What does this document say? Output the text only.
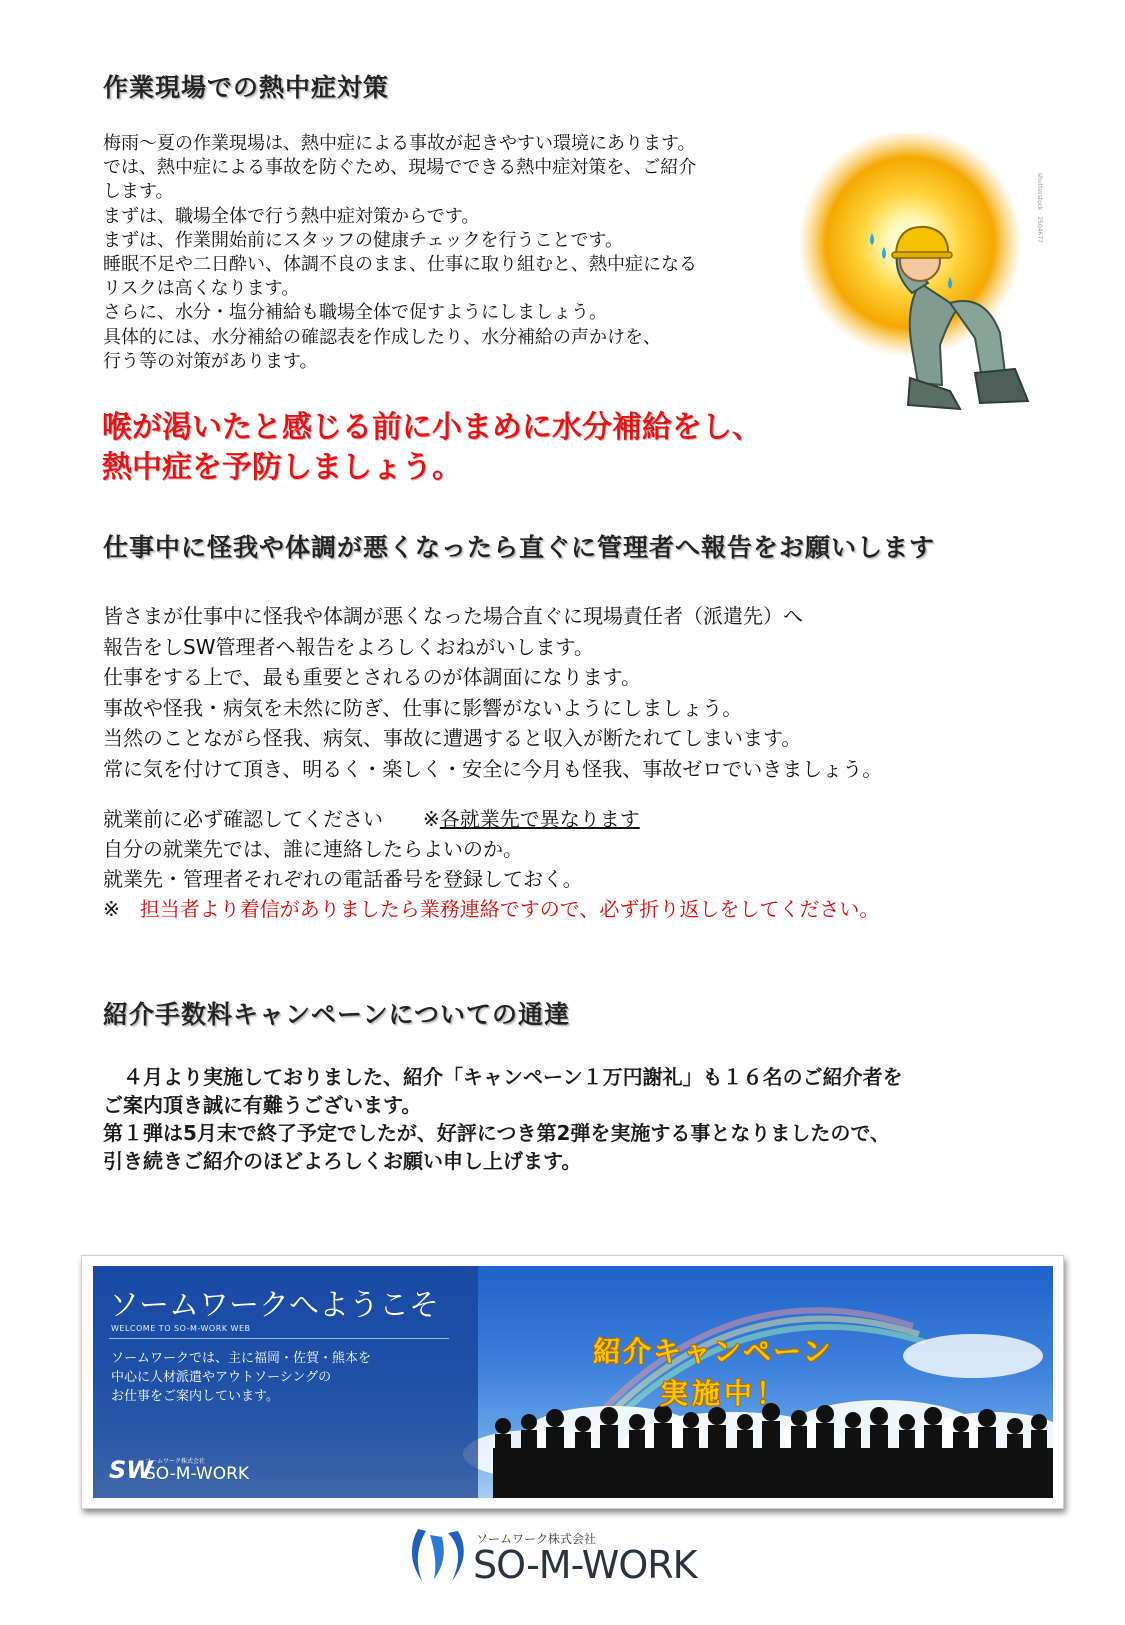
作業現場での熱中症対策
梅雨～夏の作業現場は、熱中症による事故が起きやすい環境にあります。
では、熱中症による事故を防ぐため、現場でできる熱中症対策を、ご紹介
します。
まずは、職場全体で行う熱中症対策からです。
まずは、作業開始前にスタッフの健康チェックを行うことです。
睡眠不足や二日酔い、体調不良のまま、仕事に取り組むと、熱中症になる
リスクは高くなります。
さらに、水分・塩分補給も職場全体で促すようにしましょう。
具体的には、水分補給の確認表を作成したり、水分補給の声かけを、
行う等の対策があります。
喉が渇いたと感じる前に小まめに水分補給をし、
熱中症を予防しましょう。
shutterstock · 2504677
仕事中に怪我や体調が悪くなったら直ぐに管理者へ報告をお願いします
皆さまが仕事中に怪我や体調が悪くなった場合直ぐに現場責任者（派遣先）へ
報告をしSW管理者へ報告をよろしくおねがいします。
仕事をする上で、最も重要とされるのが体調面になります。
事故や怪我・病気を未然に防ぎ、仕事に影響がないようにしましょう。
当然のことながら怪我、病気、事故に遭遇すると収入が断たれてしまいます。
常に気を付けて頂き、明るく・楽しく・安全に今月も怪我、事故ゼロでいきましょう。
就業前に必ず確認してください　　※各就業先で異なります
自分の就業先では、誰に連絡したらよいのか。
就業先・管理者それぞれの電話番号を登録しておく。
※　 担当者より着信がありましたら業務連絡ですので、必ず折り返しをしてください。
紹介手数料キャンペーンについての通達
　４月より実施しておりました、紹介「キャンペーン１万円謝礼」も１６名のご紹介者を
ご案内頂き誠に有難うございます。
第１弾は5月末で終了予定でしたが、好評につき第2弾を実施する事となりましたので、
引き続きご紹介のほどよろしくお願い申し上げます。
ソームワークへようこそ
WELCOME TO SO-M-WORK WEB
ソームワークでは、主に福岡・佐賀・熊本を
中心に人材派遣やアウトソーシングの
お仕事をご案内しています。
SW
ソームワーク株式会社
SO-M-WORK
紹介キャンペーン
実施中！
ソームワーク株式会社
SO-M-WORK
